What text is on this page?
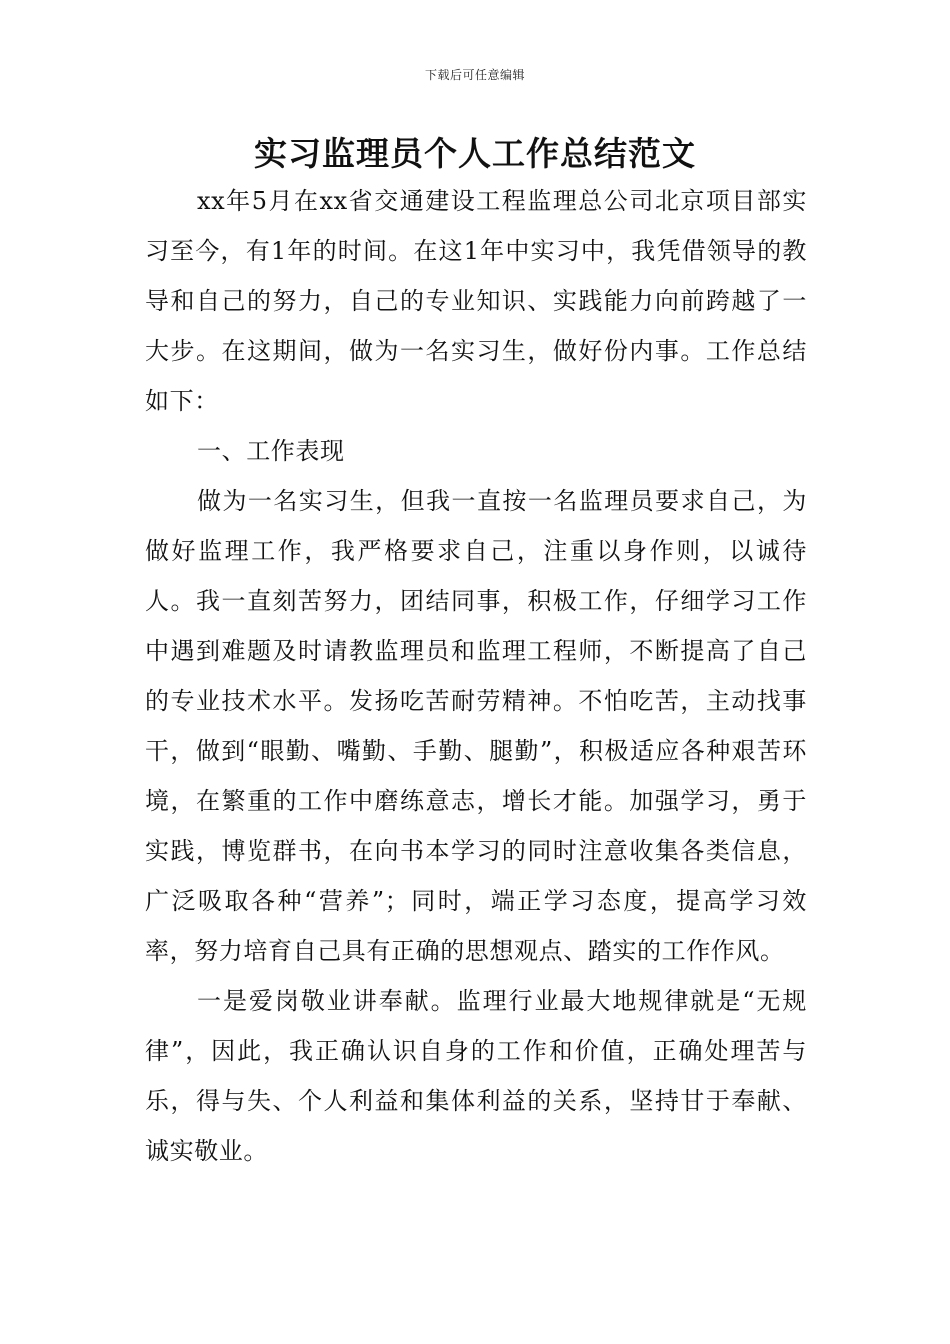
下载后可任意编辑
实习监理员个人工作总结范文

xx年5月在xx省交通建设工程监理总公司北京项目部实习至今，有1年的时间。在这1年中实习中，我凭借领导的教导和自己的努力，自己的专业知识、实践能力向前跨越了一大步。在这期间，做为一名实习生，做好份内事。工作总结如下：

一、工作表现

做为一名实习生，但我一直按一名监理员要求自己，为做好监理工作，我严格要求自己，注重以身作则，以诚待人。我一直刻苦努力，团结同事，积极工作，仔细学习工作中遇到难题及时请教监理员和监理工程师，不断提高了自己的专业技术水平。发扬吃苦耐劳精神。不怕吃苦，主动找事干，做到“眼勤、嘴勤、手勤、腿勤”，积极适应各种艰苦环境，在繁重的工作中磨练意志，增长才能。加强学习，勇于实践，博览群书，在向书本学习的同时注意收集各类信息，广泛吸取各种“营养”；同时，端正学习态度，提高学习效率，努力培育自己具有正确的思想观点、踏实的工作作风。

一是爱岗敬业讲奉献。监理行业最大地规律就是“无规律”，因此，我正确认识自身的工作和价值，正确处理苦与乐，得与失、个人利益和集体利益的关系，坚持甘于奉献、诚实敬业。
